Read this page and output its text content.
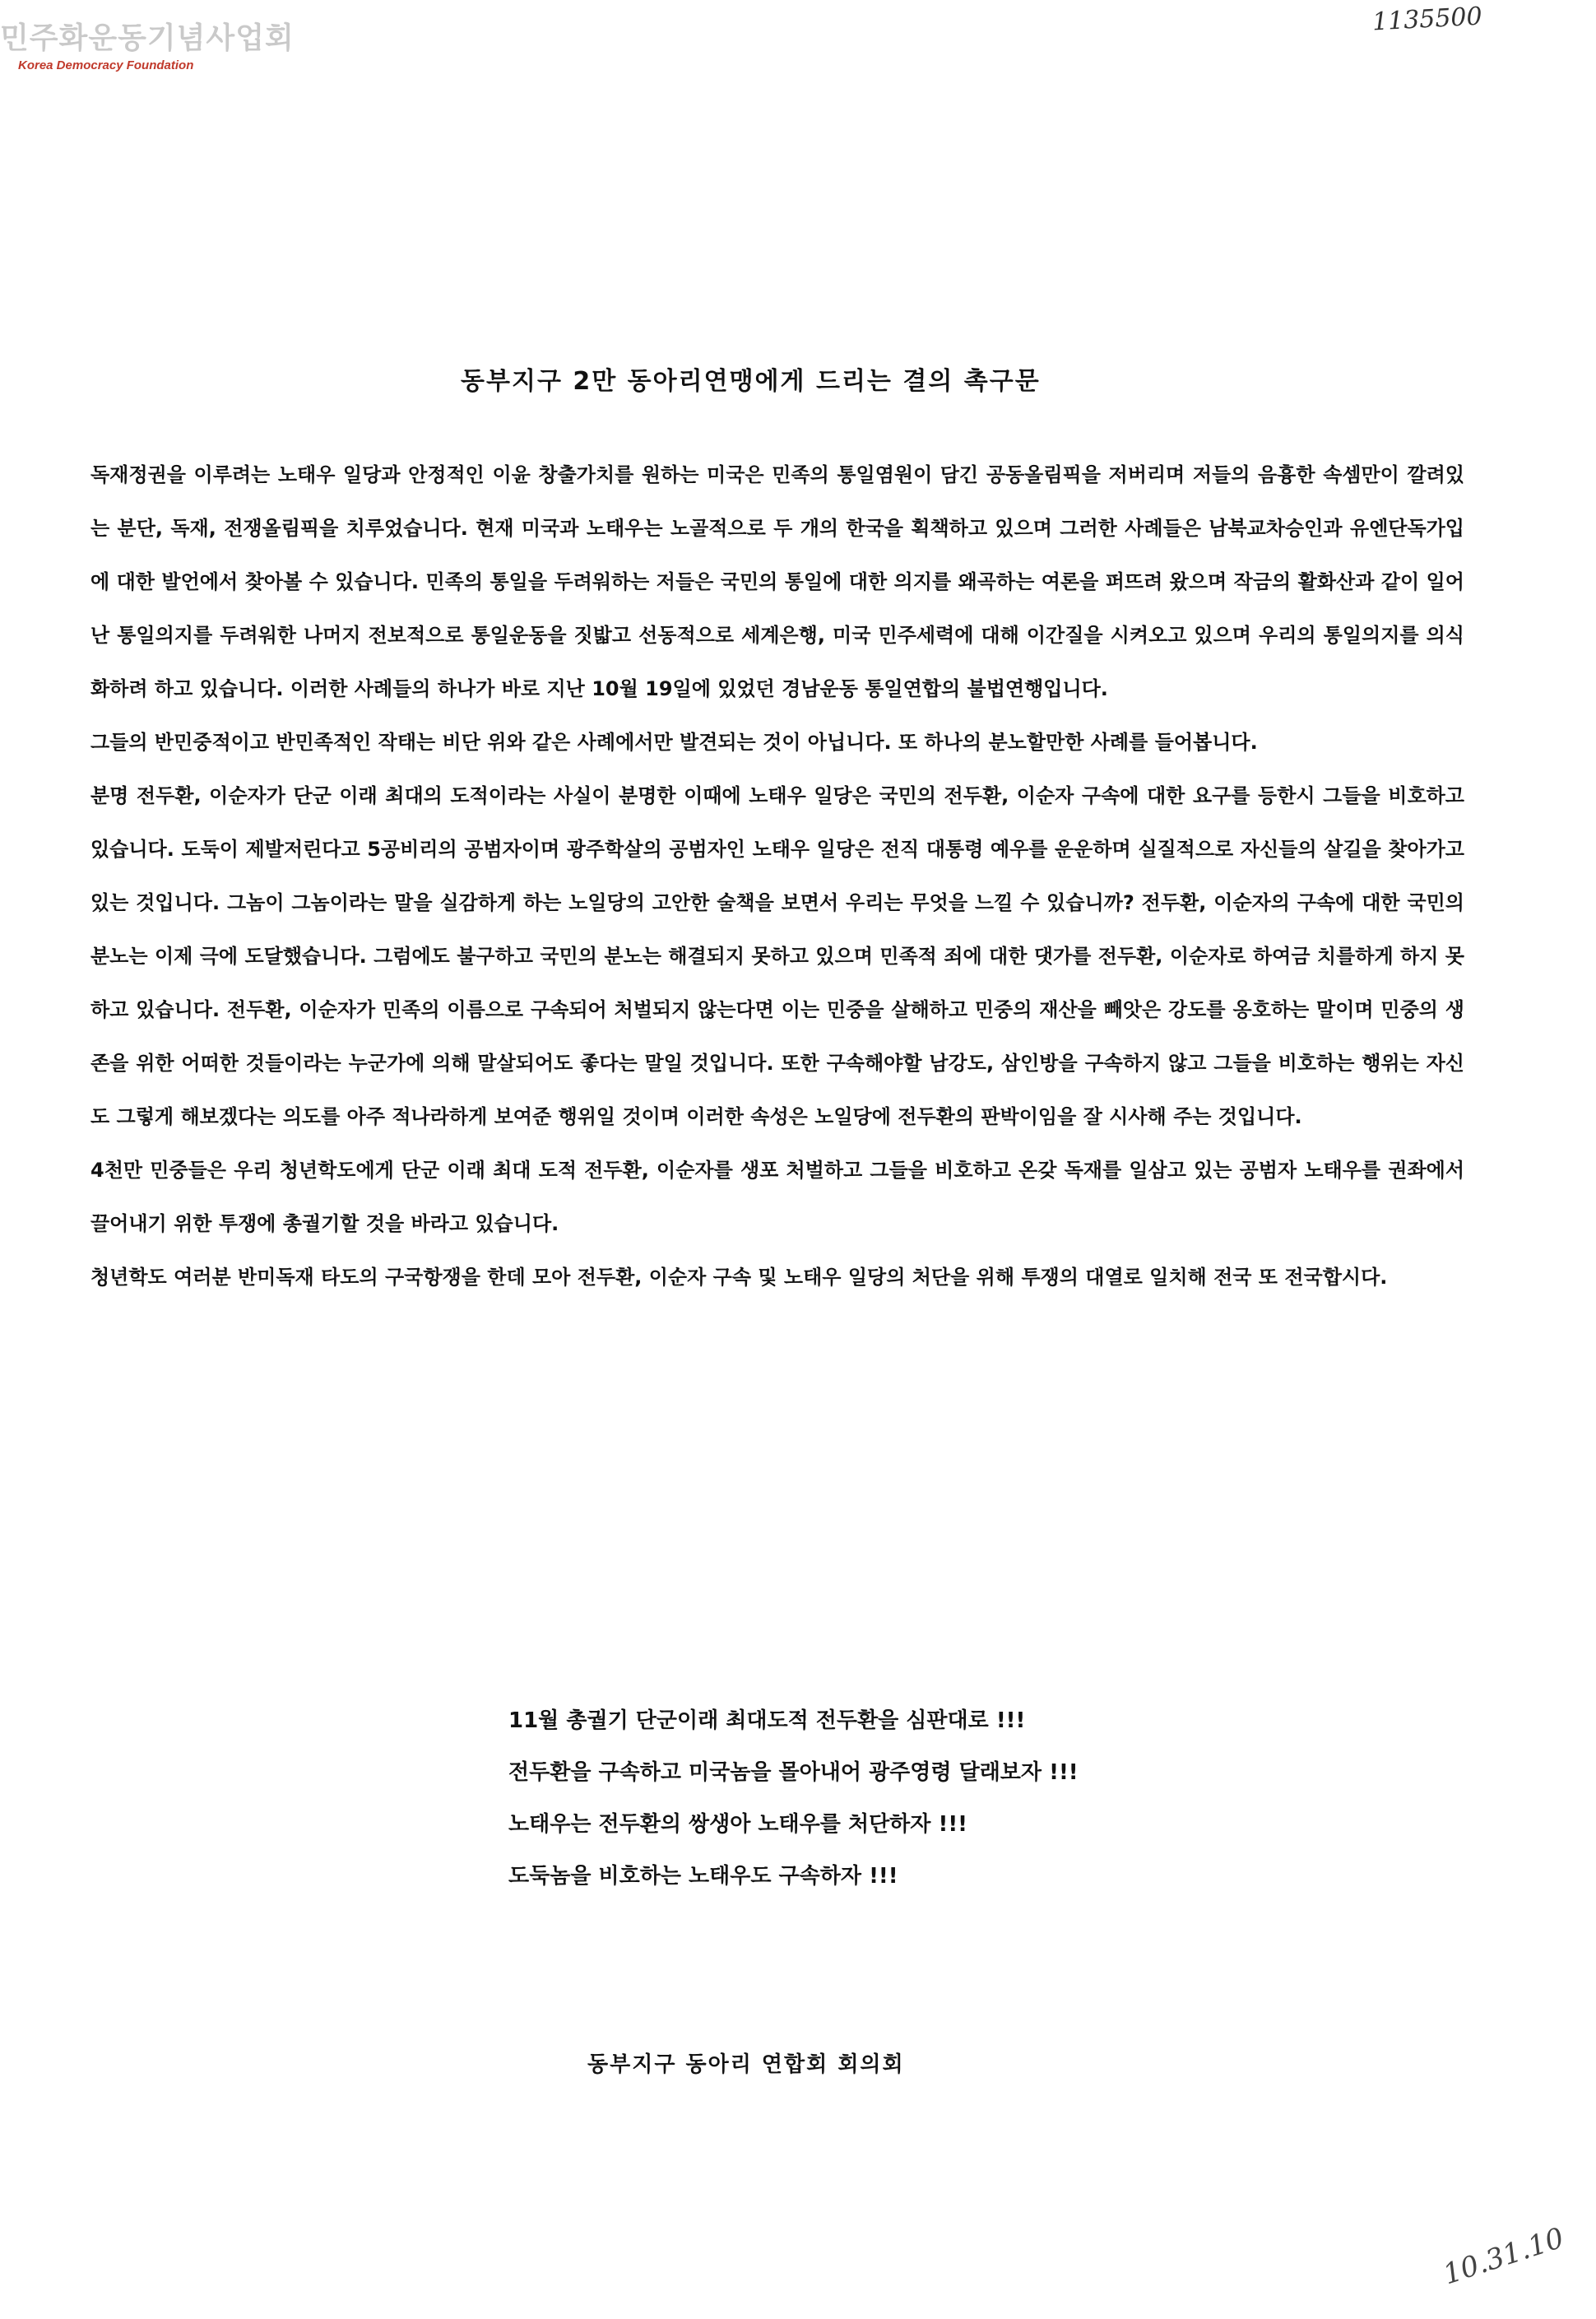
민주화운동기념사업회
Korea Democracy Foundation
1135500
동부지구 2만 동아리연맹에게 드리는 결의 촉구문

독재정권을 이루려는 노태우 일당과 안정적인 이윤 창출가치를 원하는 미국은 민족의 통일염원이 담긴 공동올림픽을 저버리며 저들의 음흉한 속셈만이 깔려있는 분단, 독재, 전쟁올림픽을 치루었습니다. 현재 미국과 노태우는 노골적으로 두 개의 한국을 획책하고 있으며 그러한 사례들은 남북교차승인과 유엔단독가입에 대한 발언에서 찾아볼 수 있습니다. 민족의 통일을 두려워하는 저들은 국민의 통일에 대한 의지를 왜곡하는 여론을 퍼뜨려 왔으며 작금의 활화산과 같이 일어난 통일의지를 두려워한 나머지 전보적으로 통일운동을 짓밟고 선동적으로 세계은행, 미국 민주세력에 대해 이간질을 시켜오고 있으며 우리의 통일의지를 의식화하려 하고 있습니다. 이러한 사례들의 하나가 바로 지난 10월 19일에 있었던 경남운동 통일연합의 불법연행입니다.

그들의 반민중적이고 반민족적인 작태는 비단 위와 같은 사례에서만 발견되는 것이 아닙니다. 또 하나의 분노할만한 사례를 들어봅니다.

분명 전두환, 이순자가 단군 이래 최대의 도적이라는 사실이 분명한 이때에 노태우 일당은 국민의 전두환, 이순자 구속에 대한 요구를 등한시 그들을 비호하고 있습니다. 도둑이 제발저린다고 5공비리의 공범자이며 광주학살의 공범자인 노태우 일당은 전직 대통령 예우를 운운하며 실질적으로 자신들의 살길을 찾아가고 있는 것입니다. 그놈이 그놈이라는 말을 실감하게 하는 노일당의 고안한 술책을 보면서 우리는 무엇을 느낄 수 있습니까? 전두환, 이순자의 구속에 대한 국민의 분노는 이제 극에 도달했습니다. 그럼에도 불구하고 국민의 분노는 해결되지 못하고 있으며 민족적 죄에 대한 댓가를 전두환, 이순자로 하여금 치를하게 하지 못하고 있습니다. 전두환, 이순자가 민족의 이름으로 구속되어 처벌되지 않는다면 이는 민중을 살해하고 민중의 재산을 빼앗은 강도를 옹호하는 말이며 민중의 생존을 위한 어떠한 것들이라는 누군가에 의해 말살되어도 좋다는 말일 것입니다. 또한 구속해야할 남강도, 삼인방을 구속하지 않고 그들을 비호하는 행위는 자신도 그렇게 해보겠다는 의도를 아주 적나라하게 보여준 행위일 것이며 이러한 속성은 노일당에 전두환의 판박이임을 잘 시사해 주는 것입니다.

4천만 민중들은 우리 청년학도에게 단군 이래 최대 도적 전두환, 이순자를 생포 처벌하고 그들을 비호하고 온갖 독재를 일삼고 있는 공범자 노태우를 권좌에서 끌어내기 위한 투쟁에 총궐기할 것을 바라고 있습니다.

청년학도 여러분 반미독재 타도의 구국항쟁을 한데 모아 전두환, 이순자 구속 및 노태우 일당의 처단을 위해 투쟁의 대열로 일치해 전국 또 전국합시다.

11월 총궐기 단군이래 최대도적 전두환을 심판대로 !!!
전두환을 구속하고 미국놈을 몰아내어 광주영령 달래보자 !!!
노태우는 전두환의 쌍생아 노태우를 처단하자 !!!
도둑놈을 비호하는 노태우도 구속하자 !!!
동부지구 동아리 연합회 회의회
10.31.10
